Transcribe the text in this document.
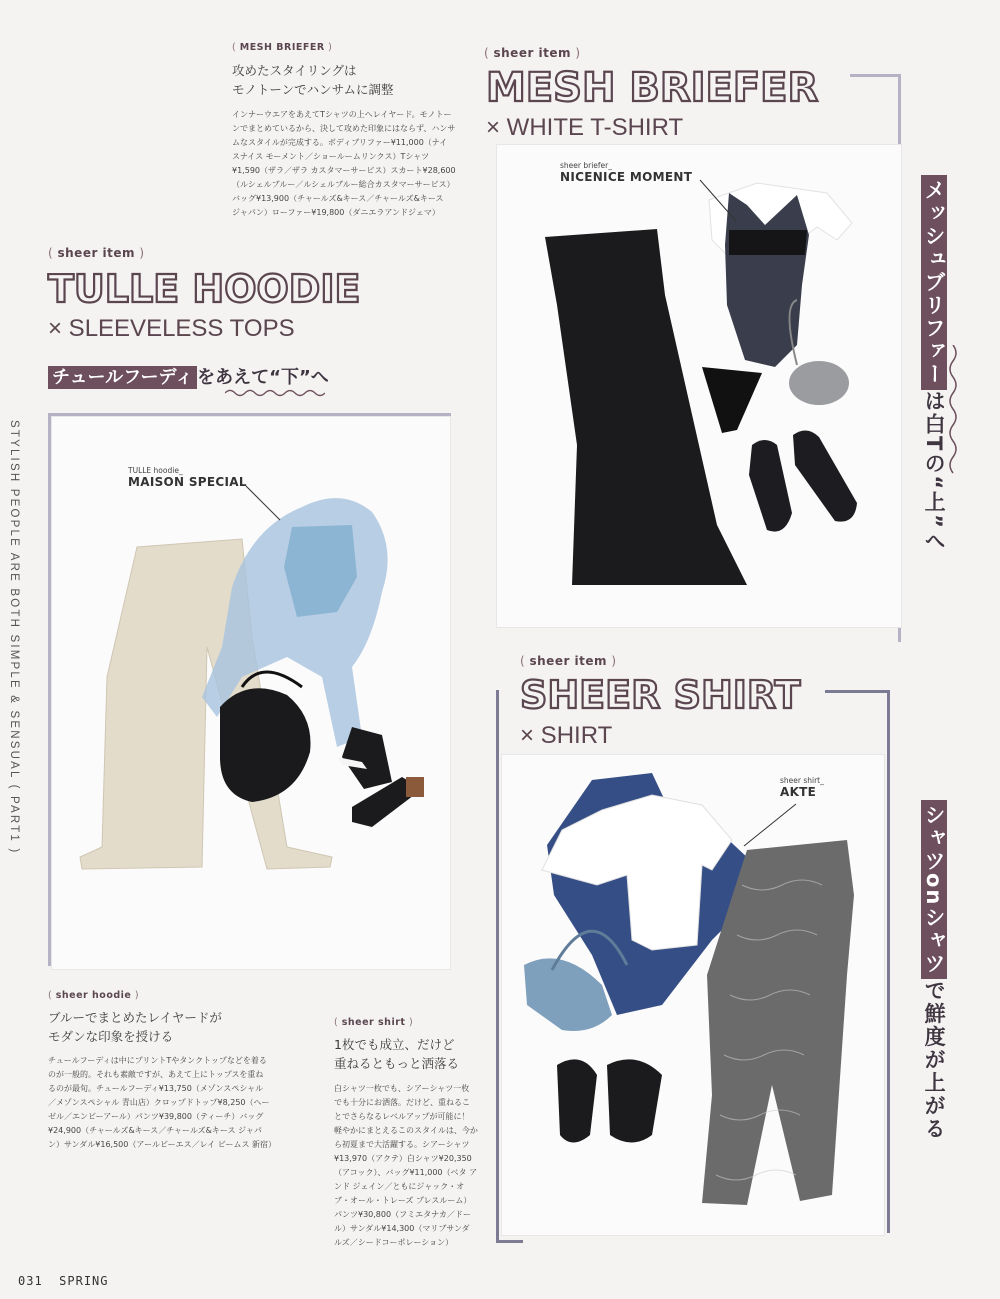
( MESH BRIEFER )
攻めたスタイリングは
モノトーンでハンサムに調整
インナーウエアをあえてTシャツの上へレイヤード。モノトー
ンでまとめているから、決して攻めた印象にはならず、ハンサ
ムなスタイルが完成する。ボディブリファー¥11,000（ナイ
スナイス モーメント／ショールームリンクス）Tシャツ
¥1,590（ザラ／ザラ カスタマーサービス）スカート¥28,600
（ルシェルブルー／ルシェルブルー総合カスタマーサービス）
バッグ¥13,900（チャールズ&キース／チャールズ&キース
ジャパン）ローファー¥19,800（ダニエラアンドジェマ）
( sheer item )
MESH BRIEFER
× WHITE T-SHIRT
sheer briefer_
NICENICE MOMENT
メッシュブリファーは白Tの“上”へ
( sheer item )
TULLE HOODIE
× SLEEVELESS TOPS
チュールフーディ をあえて“下”へ
TULLE hoodie_
MAISON SPECIAL
STYLISH PEOPLE ARE BOTH SIMPLE & SENSUAL ( PART1 )	( sheer item )
SHEER SHIRT
× SHIRT
sheer shirt_
AKTE
シャツonシャツで鮮度が上がる
( sheer hoodie )
ブルーでまとめたレイヤードが
モダンな印象を授ける
チュールフーディは中にプリントTやタンクトップなどを着る
のが一般的。それも素敵ですが、あえて上にトップスを重ね
るのが最旬。チュールフーディ¥13,750（メゾンスペシャル
／メゾンスペシャル 青山店）クロップドトップ¥8,250（ヘー
ゼル／エンビーアール）パンツ¥39,800（ティーチ）バッグ
¥24,900（チャールズ&キース／チャールズ&キース ジャパ
ン）サンダル¥16,500（アールビーエス／レイ ビームス 新宿）
( sheer shirt )
1枚でも成立、だけど
重ねるともっと洒落る
白シャツ一枚でも、シアーシャツ一枚
でも十分にお洒落。だけど、重ねるこ
とでさらなるレベルアップが可能に！
軽やかにまとえるこのスタイルは、今か
ら初夏まで大活躍する。シアーシャツ
¥13,970（アクテ）白シャツ¥20,350
（アコック）、バッグ¥11,000（ベタ ア
ンド ジェイン／ともにジャック・オ
ブ・オール・トレーズ プレスルーム）
パンツ¥30,800（フミエタナカ／ドー
ル）サンダル¥14,300（マリブサンダ
ルズ／シードコーポレーション）
031 SPRING
